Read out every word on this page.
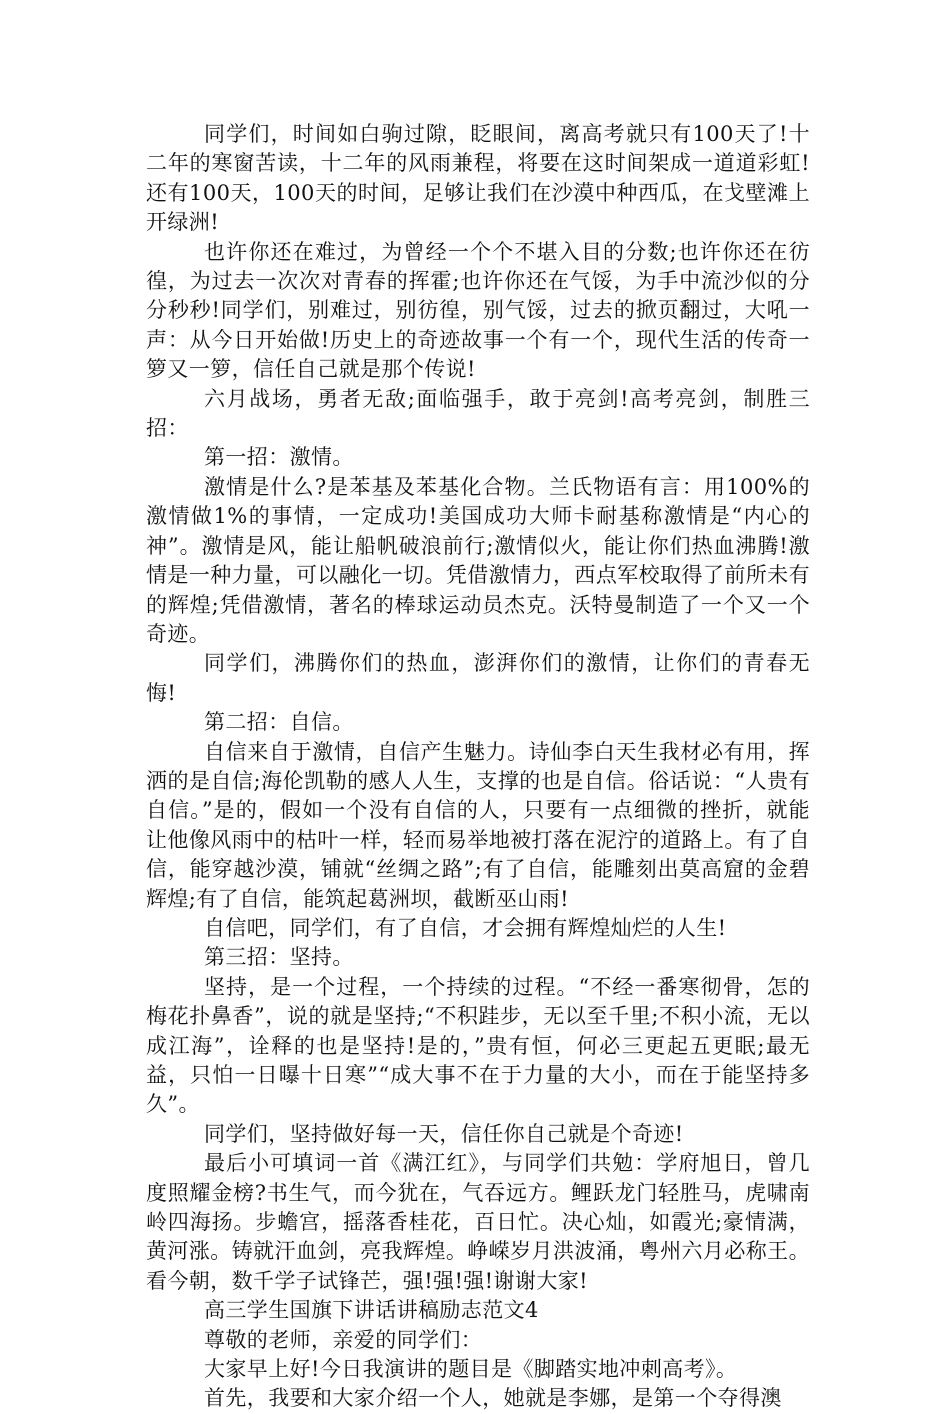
同学们，时间如白驹过隙，眨眼间，离高考就只有100天了!十二年的寒窗苦读，十二年的风雨兼程，将要在这时间架成一道道彩虹!还有100天，100天的时间，足够让我们在沙漠中种西瓜，在戈壁滩上开绿洲!

也许你还在难过，为曾经一个个不堪入目的分数;也许你还在彷徨，为过去一次次对青春的挥霍;也许你还在气馁，为手中流沙似的分分秒秒!同学们，别难过，别彷徨，别气馁，过去的掀页翻过，大吼一声：从今日开始做!历史上的奇迹故事一个有一个，现代生活的传奇一箩又一箩，信任自己就是那个传说!

六月战场，勇者无敌;面临强手，敢于亮剑!高考亮剑，制胜三招：

第一招：激情。

激情是什么?是苯基及苯基化合物。兰氏物语有言：用100%的激情做1%的事情，一定成功!美国成功大师卡耐基称激情是“内心的神”。激情是风，能让船帆破浪前行;激情似火，能让你们热血沸腾!激情是一种力量，可以融化一切。凭借激情力，西点军校取得了前所未有的辉煌;凭借激情，著名的棒球运动员杰克。沃特曼制造了一个又一个奇迹。

同学们，沸腾你们的热血，澎湃你们的激情，让你们的青春无悔!

第二招：自信。

自信来自于激情，自信产生魅力。诗仙李白天生我材必有用，挥洒的是自信;海伦凯勒的感人人生，支撑的也是自信。俗话说：“人贵有自信。”是的，假如一个没有自信的人，只要有一点细微的挫折，就能让他像风雨中的枯叶一样，轻而易举地被打落在泥泞的道路上。有了自信，能穿越沙漠，铺就“丝绸之路”;有了自信，能雕刻出莫高窟的金碧辉煌;有了自信，能筑起葛洲坝，截断巫山雨!

自信吧，同学们，有了自信，才会拥有辉煌灿烂的人生!

第三招：坚持。

坚持，是一个过程，一个持续的过程。“不经一番寒彻骨，怎的梅花扑鼻香”，说的就是坚持;“不积跬步，无以至千里;不积小流，无以成江海”，诠释的也是坚持!是的，”贵有恒，何必三更起五更眠;最无益，只怕一日曝十日寒”“成大事不在于力量的大小，而在于能坚持多久”。

同学们，坚持做好每一天，信任你自己就是个奇迹!

最后小可填词一首《满江红》，与同学们共勉：学府旭日，曾几度照耀金榜?书生气，而今犹在，气吞远方。鲤跃龙门轻胜马，虎啸南岭四海扬。步蟾宫，摇落香桂花，百日忙。决心灿，如霞光;豪情满，黄河涨。铸就汗血剑，亮我辉煌。峥嵘岁月洪波涌，粤州六月必称王。看今朝，数千学子试锋芒，强!强!强!谢谢大家!

高三学生国旗下讲话讲稿励志范文4

尊敬的老师，亲爱的同学们：

大家早上好!今日我演讲的题目是《脚踏实地冲刺高考》。

首先，我要和大家介绍一个人，她就是李娜，是第一个夺得澳
